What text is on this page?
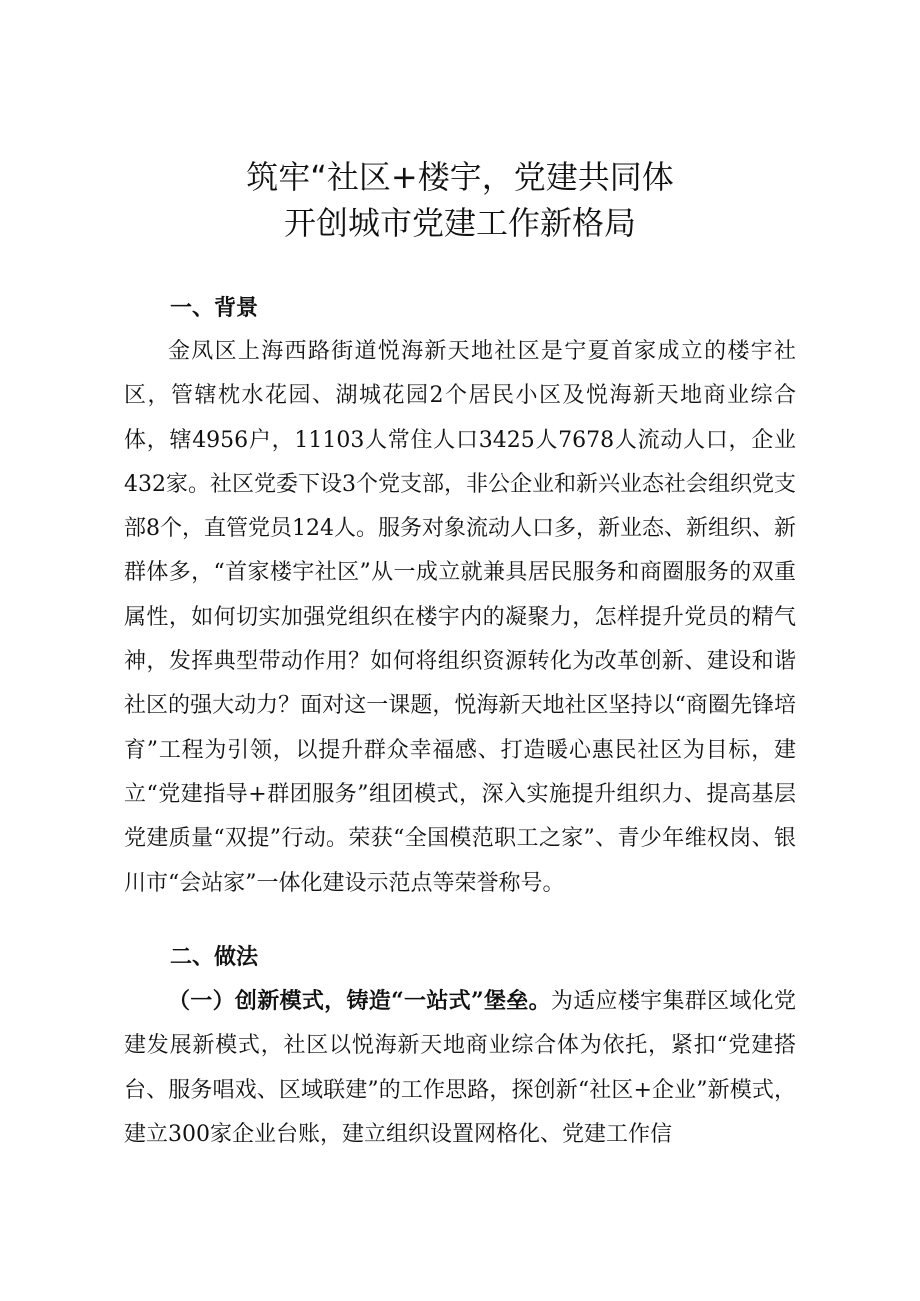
筑牢“社区+楼宇，党建共同体
开创城市党建工作新格局
一、背景
金凤区上海西路街道悦海新天地社区是宁夏首家成立的楼宇社区，管辖枕水花园、湖城花园2个居民小区及悦海新天地商业综合体，辖4956户，11103人常住人口3425人7678人流动人口，企业432家。社区党委下设3个党支部，非公企业和新兴业态社会组织党支部8个，直管党员124人。服务对象流动人口多，新业态、新组织、新群体多，“首家楼宇社区”从一成立就兼具居民服务和商圈服务的双重属性，如何切实加强党组织在楼宇内的凝聚力，怎样提升党员的精气神，发挥典型带动作用？如何将组织资源转化为改革创新、建设和谐社区的强大动力？面对这一课题，悦海新天地社区坚持以“商圈先锋培育”工程为引领，以提升群众幸福感、打造暖心惠民社区为目标，建立“党建指导+群团服务”组团模式，深入实施提升组织力、提高基层党建质量“双提”行动。荣获“全国模范职工之家”、青少年维权岗、银川市“会站家”一体化建设示范点等荣誉称号。
二、做法
（一）创新模式，铸造“一站式”堡垒。为适应楼宇集群区域化党建发展新模式，社区以悦海新天地商业综合体为依托，紧扣“党建搭台、服务唱戏、区域联建”的工作思路，探创新“社区+企业”新模式，建立300家企业台账，建立组织设置网格化、党建工作信
